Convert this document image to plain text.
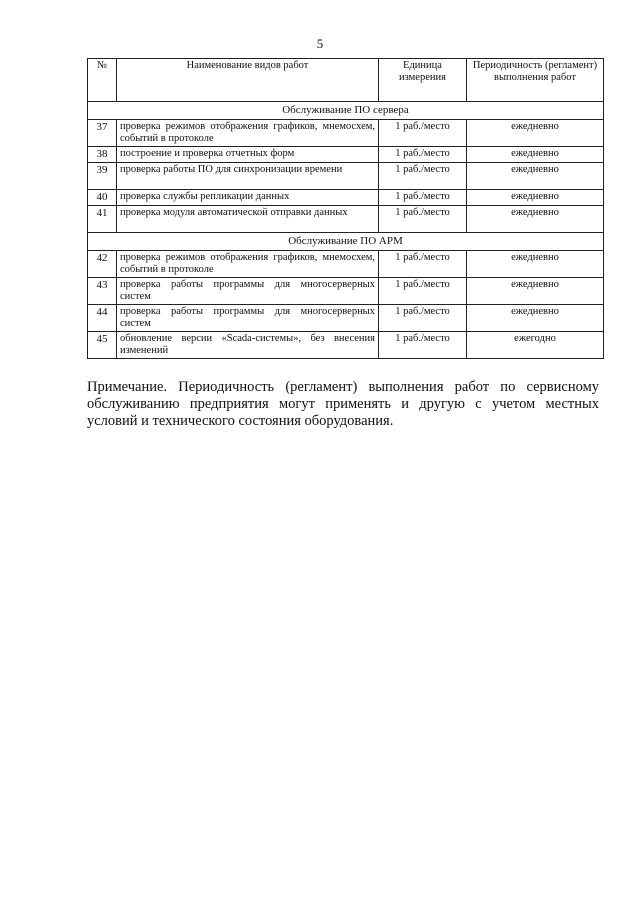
5
№	Наименование видов работ	Единица измерения	Периодичность (регламент) выполнения работ
Обслуживание ПО сервера			
37	проверка режимов отображения графиков, мнемосхем, событий в протоколе	1 раб./место	ежедневно
38	построение и проверка отчетных форм	1 раб./место	ежедневно
39	проверка работы ПО для синхронизации времени	1 раб./место	ежедневно
40	проверка службы репликации данных	1 раб./место	ежедневно
41	проверка модуля автоматической отправки данных	1 раб./место	ежедневно
Обслуживание ПО АРМ			
42	проверка режимов отображения графиков, мнемосхем, событий в протоколе	1 раб./место	ежедневно
43	проверка работы программы для многосерверных систем	1 раб./место	ежедневно
44	проверка работы программы для многосерверных систем	1 раб./место	ежедневно
45	обновление версии «Scada-системы», без внесения изменений	1 раб./место	ежегодно
Примечание. Периодичность (регламент) выполнения работ по сервисному обслуживанию предприятия могут применять и другую с учетом местных условий и технического состояния оборудования.
